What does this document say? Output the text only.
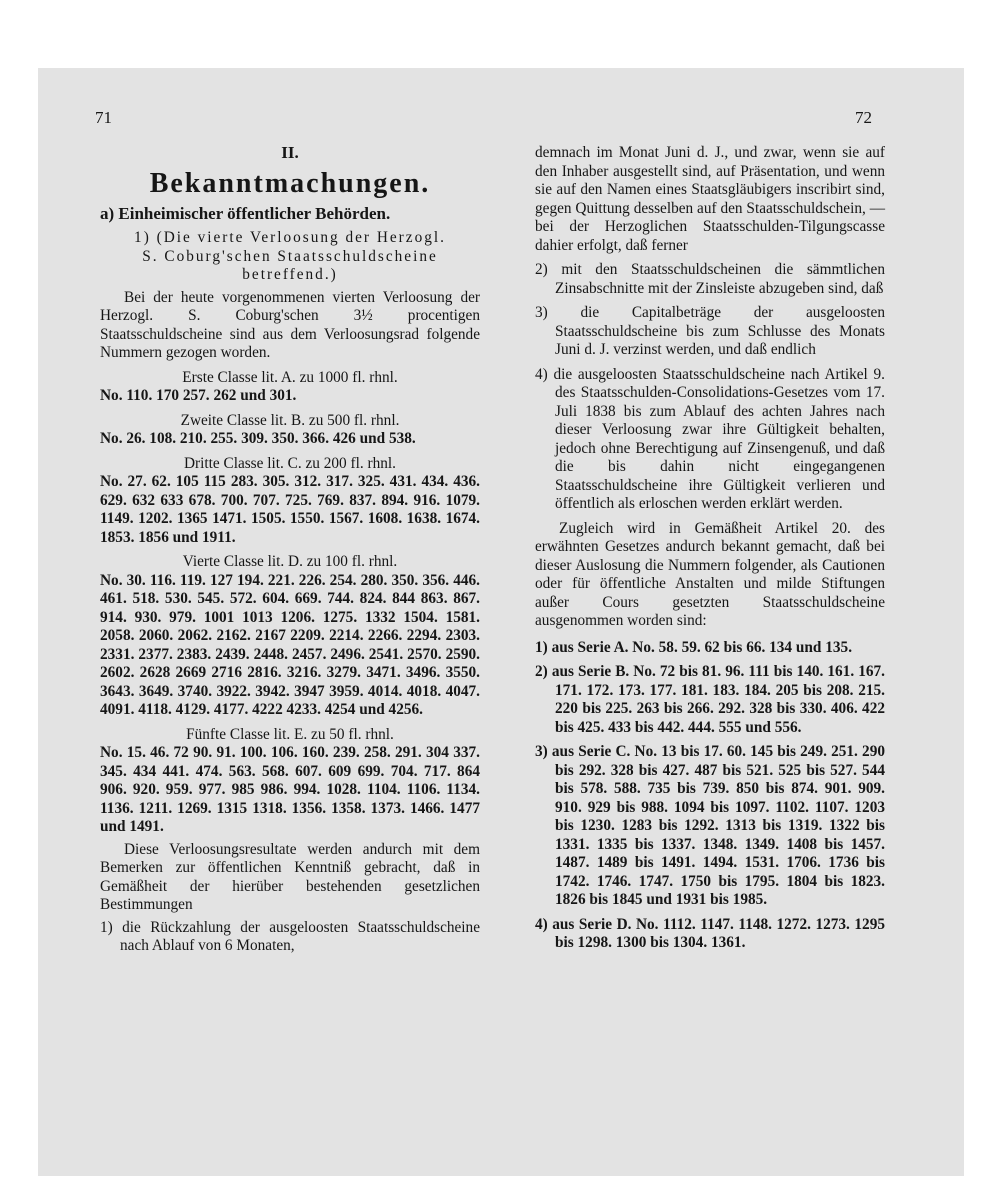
71	72

II.

Bekanntmachungen.

a) Einheimischer öffentlicher Behörden.

1) (Die vierte Verloosung der Herzogl.

S. Coburg'schen Staatsschuldscheine betreffend.)

Bei der heute vorgenommenen vierten Verloosung der Herzogl. S. Coburg'schen 3½ procentigen Staatsschuldscheine sind aus dem Verloosungsrad folgende Nummern gezogen worden.

Erste Classe lit. A. zu 1000 fl. rhnl.

No. 110. 170 257. 262 und 301.

Zweite Classe lit. B. zu 500 fl. rhnl.

No. 26. 108. 210. 255. 309. 350. 366. 426 und 538.

Dritte Classe lit. C. zu 200 fl. rhnl.

No. 27. 62. 105 115 283. 305. 312. 317. 325. 431. 434. 436. 629. 632 633 678. 700. 707. 725. 769. 837. 894. 916. 1079. 1149. 1202. 1365 1471. 1505. 1550. 1567. 1608. 1638. 1674. 1853. 1856 und 1911.

Vierte Classe lit. D. zu 100 fl. rhnl.

No. 30. 116. 119. 127 194. 221. 226. 254. 280. 350. 356. 446. 461. 518. 530. 545. 572. 604. 669. 744. 824. 844 863. 867. 914. 930. 979. 1001 1013 1206. 1275. 1332 1504. 1581. 2058. 2060. 2062. 2162. 2167 2209. 2214. 2266. 2294. 2303. 2331. 2377. 2383. 2439. 2448. 2457. 2496. 2541. 2570. 2590. 2602. 2628 2669 2716 2816. 3216. 3279. 3471. 3496. 3550. 3643. 3649. 3740. 3922. 3942. 3947 3959. 4014. 4018. 4047. 4091. 4118. 4129. 4177. 4222 4233. 4254 und 4256.

Fünfte Classe lit. E. zu 50 fl. rhnl.

No. 15. 46. 72 90. 91. 100. 106. 160. 239. 258. 291. 304 337. 345. 434 441. 474. 563. 568. 607. 609 699. 704. 717. 864 906. 920. 959. 977. 985 986. 994. 1028. 1104. 1106. 1134. 1136. 1211. 1269. 1315 1318. 1356. 1358. 1373. 1466. 1477 und 1491.

Diese Verloosungsresultate werden andurch mit dem Bemerken zur öffentlichen Kenntniß gebracht, daß in Gemäßheit der hierüber bestehenden gesetzlichen Bestimmungen

1) die Rückzahlung der ausgeloosten Staatsschuldscheine nach Ablauf von 6 Monaten,

demnach im Monat Juni d. J., und zwar, wenn sie auf den Inhaber ausgestellt sind, auf Präsentation, und wenn sie auf den Namen eines Staatsgläubigers inscribirt sind, gegen Quittung desselben auf den Staatsschuldschein, — bei der Herzoglichen Staatsschulden-Tilgungscasse dahier erfolgt, daß ferner

2) mit den Staatsschuldscheinen die sämmtlichen Zinsabschnitte mit der Zinsleiste abzugeben sind, daß

3) die Capitalbeträge der ausgeloosten Staatsschuldscheine bis zum Schlusse des Monats Juni d. J. verzinst werden, und daß endlich

4) die ausgeloosten Staatsschuldscheine nach Artikel 9. des Staatsschulden-Consolidations-Gesetzes vom 17. Juli 1838 bis zum Ablauf des achten Jahres nach dieser Verloosung zwar ihre Gültigkeit behalten, jedoch ohne Berechtigung auf Zinsengenuß, und daß die bis dahin nicht eingegangenen Staatsschuldscheine ihre Gültigkeit verlieren und öffentlich als erloschen werden erklärt werden.

Zugleich wird in Gemäßheit Artikel 20. des erwähnten Gesetzes andurch bekannt gemacht, daß bei dieser Auslosung die Nummern folgender, als Cautionen oder für öffentliche Anstalten und milde Stiftungen außer Cours gesetzten Staatsschuldscheine ausgenommen worden sind:

1) aus Serie A. No. 58. 59. 62 bis 66. 134 und 135.

2) aus Serie B. No. 72 bis 81. 96. 111 bis 140. 161. 167. 171. 172. 173. 177. 181. 183. 184. 205 bis 208. 215. 220 bis 225. 263 bis 266. 292. 328 bis 330. 406. 422 bis 425. 433 bis 442. 444. 555 und 556.

3) aus Serie C. No. 13 bis 17. 60. 145 bis 249. 251. 290 bis 292. 328 bis 427. 487 bis 521. 525 bis 527. 544 bis 578. 588. 735 bis 739. 850 bis 874. 901. 909. 910. 929 bis 988. 1094 bis 1097. 1102. 1107. 1203 bis 1230. 1283 bis 1292. 1313 bis 1319. 1322 bis 1331. 1335 bis 1337. 1348. 1349. 1408 bis 1457. 1487. 1489 bis 1491. 1494. 1531. 1706. 1736 bis 1742. 1746. 1747. 1750 bis 1795. 1804 bis 1823. 1826 bis 1845 und 1931 bis 1985.

4) aus Serie D. No. 1112. 1147. 1148. 1272. 1273. 1295 bis 1298. 1300 bis 1304. 1361.
